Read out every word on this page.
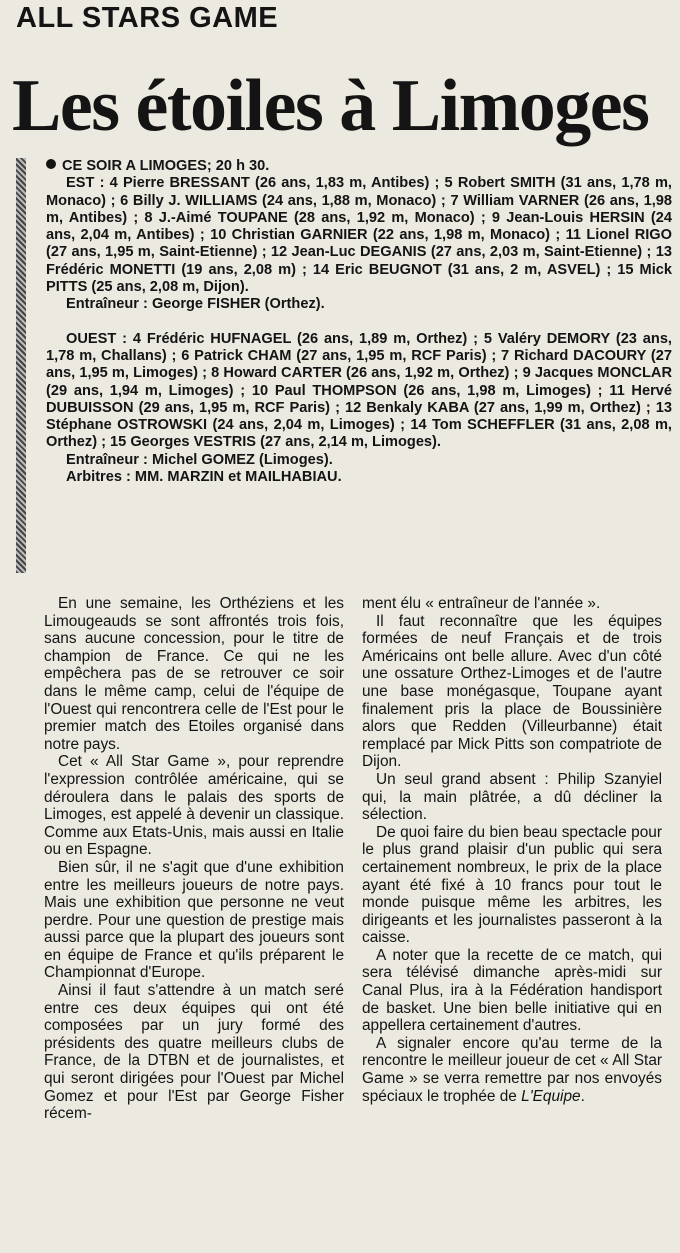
ALL STARS GAME
Les étoiles à Limoges

CE SOIR A LIMOGES; 20 h 30.

EST : 4 Pierre BRESSANT (26 ans, 1,83 m, Antibes) ; 5 Robert SMITH (31 ans, 1,78 m, Monaco) ; 6 Billy J. WILLIAMS (24 ans, 1,88 m, Monaco) ; 7 William VARNER (26 ans, 1,98 m, Antibes) ; 8 J.-Aimé TOUPANE (28 ans, 1,92 m, Monaco) ; 9 Jean-Louis HERSIN (24 ans, 2,04 m, Antibes) ; 10 Christian GARNIER (22 ans, 1,98 m, Monaco) ; 11 Lionel RIGO (27 ans, 1,95 m, Saint-Etienne) ; 12 Jean-Luc DEGANIS (27 ans, 2,03 m, Saint-Etienne) ; 13 Frédéric MONETTI (19 ans, 2,08 m) ; 14 Eric BEUGNOT (31 ans, 2 m, ASVEL) ; 15 Mick PITTS (25 ans, 2,08 m, Dijon).

Entraîneur : George FISHER (Orthez).

OUEST : 4 Frédéric HUFNAGEL (26 ans, 1,89 m, Orthez) ; 5 Valéry DEMORY (23 ans, 1,78 m, Challans) ; 6 Patrick CHAM (27 ans, 1,95 m, RCF Paris) ; 7 Richard DACOURY (27 ans, 1,95 m, Limoges) ; 8 Howard CARTER (26 ans, 1,92 m, Orthez) ; 9 Jacques MONCLAR (29 ans, 1,94 m, Limoges) ; 10 Paul THOMPSON (26 ans, 1,98 m, Limoges) ; 11 Hervé DUBUISSON (29 ans, 1,95 m, RCF Paris) ; 12 Benkaly KABA (27 ans, 1,99 m, Orthez) ; 13 Stéphane OSTROWSKI (24 ans, 2,04 m, Limoges) ; 14 Tom SCHEFFLER (31 ans, 2,08 m, Orthez) ; 15 Georges VESTRIS (27 ans, 2,14 m, Limoges).

Entraîneur : Michel GOMEZ (Limoges).

Arbitres : MM. MARZIN et MAILHABIAU.

En une semaine, les Orthéziens et les Limougeauds se sont affrontés trois fois, sans aucune concession, pour le titre de champion de France. Ce qui ne les empêchera pas de se retrouver ce soir dans le même camp, celui de l'équipe de l'Ouest qui rencontrera celle de l'Est pour le premier match des Etoiles organisé dans notre pays.

Cet « All Star Game », pour reprendre l'expression contrôlée américaine, qui se déroulera dans le palais des sports de Limoges, est appelé à devenir un classique. Comme aux Etats-Unis, mais aussi en Italie ou en Espagne.

Bien sûr, il ne s'agit que d'une exhibition entre les meilleurs joueurs de notre pays. Mais une exhibition que personne ne veut perdre. Pour une question de prestige mais aussi parce que la plupart des joueurs sont en équipe de France et qu'ils préparent le Championnat d'Europe.

Ainsi il faut s'attendre à un match seré entre ces deux équipes qui ont été composées par un jury formé des présidents des quatre meilleurs clubs de France, de la DTBN et de journalistes, et qui seront dirigées pour l'Ouest par Michel Gomez et pour l'Est par George Fisher récem-

ment élu « entraîneur de l'année ».

Il faut reconnaître que les équipes formées de neuf Français et de trois Américains ont belle allure. Avec d'un côté une ossature Orthez-Limoges et de l'autre une base monégasque, Toupane ayant finalement pris la place de Boussinière alors que Redden (Villeurbanne) était remplacé par Mick Pitts son compatriote de Dijon.

Un seul grand absent : Philip Szanyiel qui, la main plâtrée, a dû décliner la sélection.

De quoi faire du bien beau spectacle pour le plus grand plaisir d'un public qui sera certainement nombreux, le prix de la place ayant été fixé à 10 francs pour tout le monde puisque même les arbitres, les dirigeants et les journalistes passeront à la caisse.

A noter que la recette de ce match, qui sera télévisé dimanche après-midi sur Canal Plus, ira à la Fédération handisport de basket. Une bien belle initiative qui en appellera certainement d'autres.

A signaler encore qu'au terme de la rencontre le meilleur joueur de cet « All Star Game » se verra remettre par nos envoyés spéciaux le trophée de L'Equipe.
